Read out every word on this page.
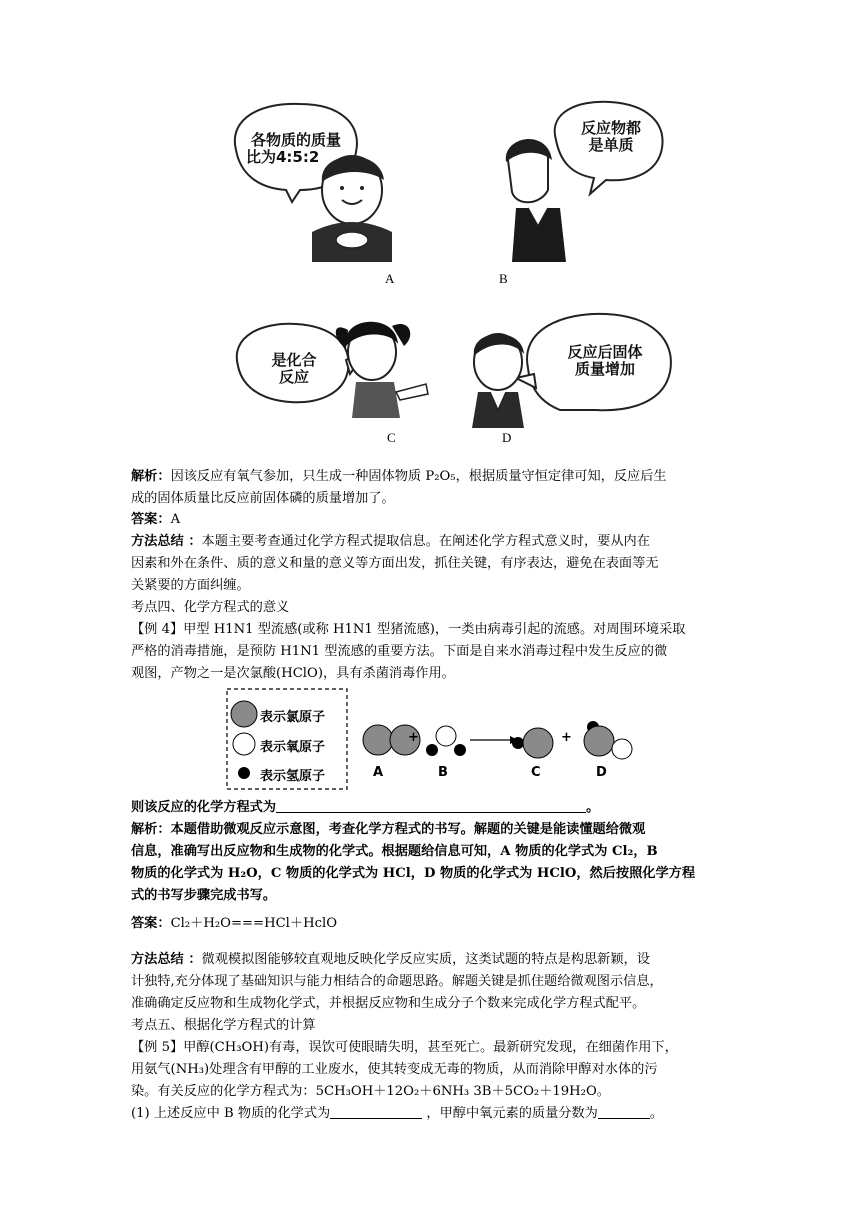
各物质的质量
比为4:5:2
反应物都
是单质
是化合
反应
反应后固体
质量增加
A	B
C	D
解析：因该反应有氧气参加，只生成一种固体物质 P₂O₅，根据质量守恒定律可知，反应后生
成的固体质量比反应前固体磷的质量增加了。
答案：A
方法总结 ：本题主要考查通过化学方程式提取信息。在阐述化学方程式意义时，要从内在
因素和外在条件、质的意义和量的意义等方面出发，抓住关键，有序表达，避免在表面等无
关紧要的方面纠缠。
考点四、化学方程式的意义
【例 4】甲型 H1N1 型流感(或称 H1N1 型猪流感)，一类由病毒引起的流感。对周围环境采取
严格的消毒措施，是预防 H1N1 型流感的重要方法。下面是自来水消毒过程中发生反应的微
观图，产物之一是次氯酸(HClO)，具有杀菌消毒作用。
表示氯原子
表示氧原子
表示氢原子
+	+
A	B	C	D
则该反应的化学方程式为	。
解析：本题借助微观反应示意图，考查化学方程式的书写。解题的关键是能读懂题给微观
信息，准确写出反应物和生成物的化学式。根据题给信息可知，A 物质的化学式为 Cl₂，B
物质的化学式为 H₂O，C 物质的化学式为 HCl，D 物质的化学式为 HClO，然后按照化学方程
式的书写步骤完成书写。
答案：Cl₂＋H₂O===HCl＋HclO
方法总结 ：微观模拟图能够较直观地反映化学反应实质，这类试题的特点是构思新颖，设
计独特,充分体现了基础知识与能力相结合的命题思路。解题关键是抓住题给微观图示信息，
准确确定反应物和生成物化学式，并根据反应物和生成分子个数来完成化学方程式配平。
考点五、根据化学方程式的计算
【例 5】甲醇(CH₃OH)有毒，误饮可使眼睛失明，甚至死亡。最新研究发现，在细菌作用下，
用氨气(NH₃)处理含有甲醇的工业废水，使其转变成无毒的物质，从而消除甲醇对水体的污
染。有关反应的化学方程式为：5CH₃OH＋12O₂＋6NH₃ 3B＋5CO₂＋19H₂O。
(1) 上述反应中 B 物质的化学式为	，甲醇中氧元素的质量分数为	。
